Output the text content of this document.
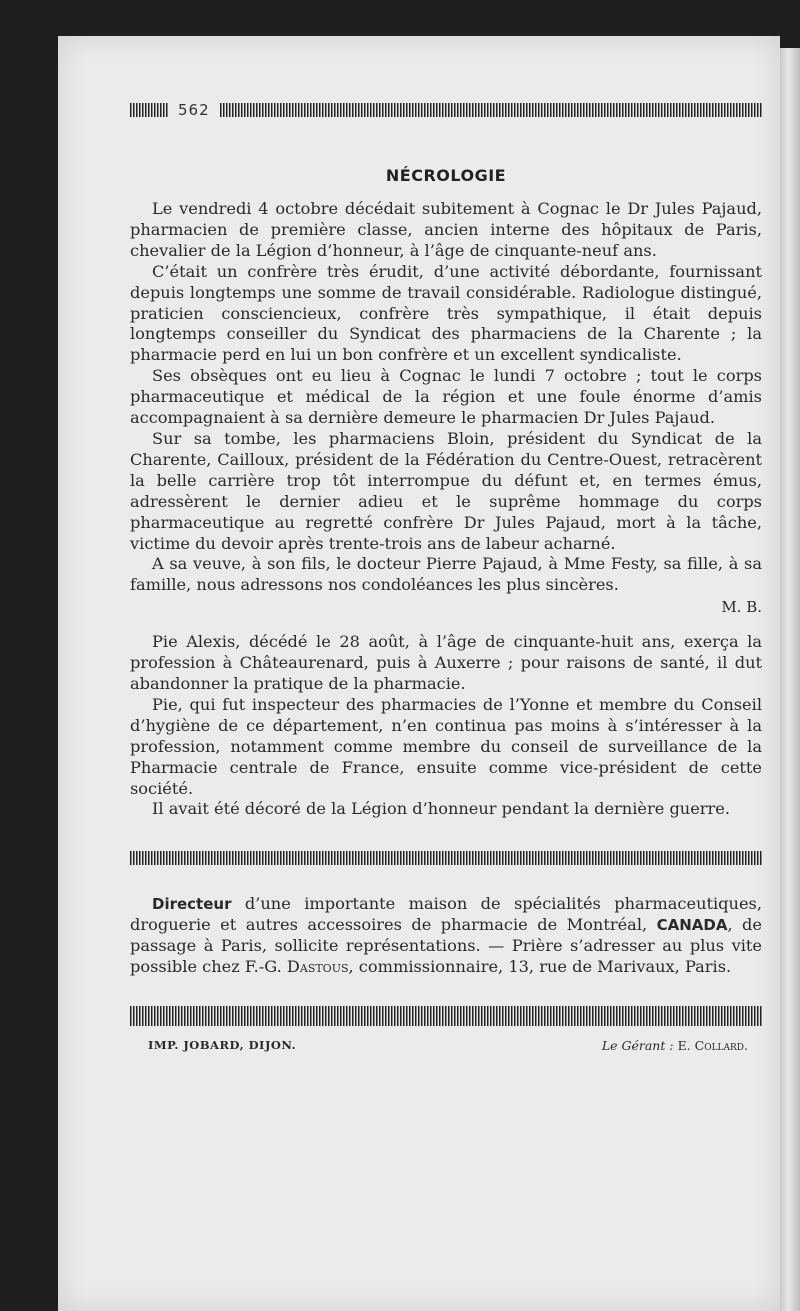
562
NÉCROLOGIE

Le vendredi 4 octobre décédait subitement à Cognac le Dr Jules Pajaud, pharmacien de première classe, ancien interne des hôpitaux de Paris, chevalier de la Légion d’honneur, à l’âge de cinquante-neuf ans.

C’était un confrère très érudit, d’une activité débordante, fournissant depuis longtemps une somme de travail considérable. Radiologue distingué, praticien consciencieux, confrère très sympathique, il était depuis longtemps conseiller du Syndicat des pharmaciens de la Charente ; la pharmacie perd en lui un bon confrère et un excellent syndicaliste.

Ses obsèques ont eu lieu à Cognac le lundi 7 octobre ; tout le corps pharmaceutique et médical de la région et une foule énorme d’amis accompagnaient à sa dernière demeure le pharmacien Dr Jules Pajaud.

Sur sa tombe, les pharmaciens Bloin, président du Syndicat de la Charente, Cailloux, président de la Fédération du Centre-Ouest, retracèrent la belle carrière trop tôt interrompue du défunt et, en termes émus, adressèrent le dernier adieu et le suprême hommage du corps pharmaceutique au regretté confrère Dr Jules Pajaud, mort à la tâche, victime du devoir après trente-trois ans de labeur acharné.

A sa veuve, à son fils, le docteur Pierre Pajaud, à Mme Festy, sa fille, à sa famille, nous adressons nos condoléances les plus sincères.

M. B.

Pie Alexis, décédé le 28 août, à l’âge de cinquante-huit ans, exerça la profession à Châteaurenard, puis à Auxerre ; pour raisons de santé, il dut abandonner la pratique de la pharmacie.

Pie, qui fut inspecteur des pharmacies de l’Yonne et membre du Conseil d’hygiène de ce département, n’en continua pas moins à s’intéresser à la profession, notamment comme membre du conseil de surveillance de la Pharmacie centrale de France, ensuite comme vice-président de cette société.

Il avait été décoré de la Légion d’honneur pendant la dernière guerre.

Directeur d’une importante maison de spécialités pharmaceutiques, droguerie et autres accessoires de pharmacie de Montréal, CANADA, de passage à Paris, sollicite représentations. — Prière s’adresser au plus vite possible chez F.-G. Dastous, commissionnaire, 13, rue de Marivaux, Paris.

IMP. JOBARD, DIJON.	Le Gérant : E. Collard.
